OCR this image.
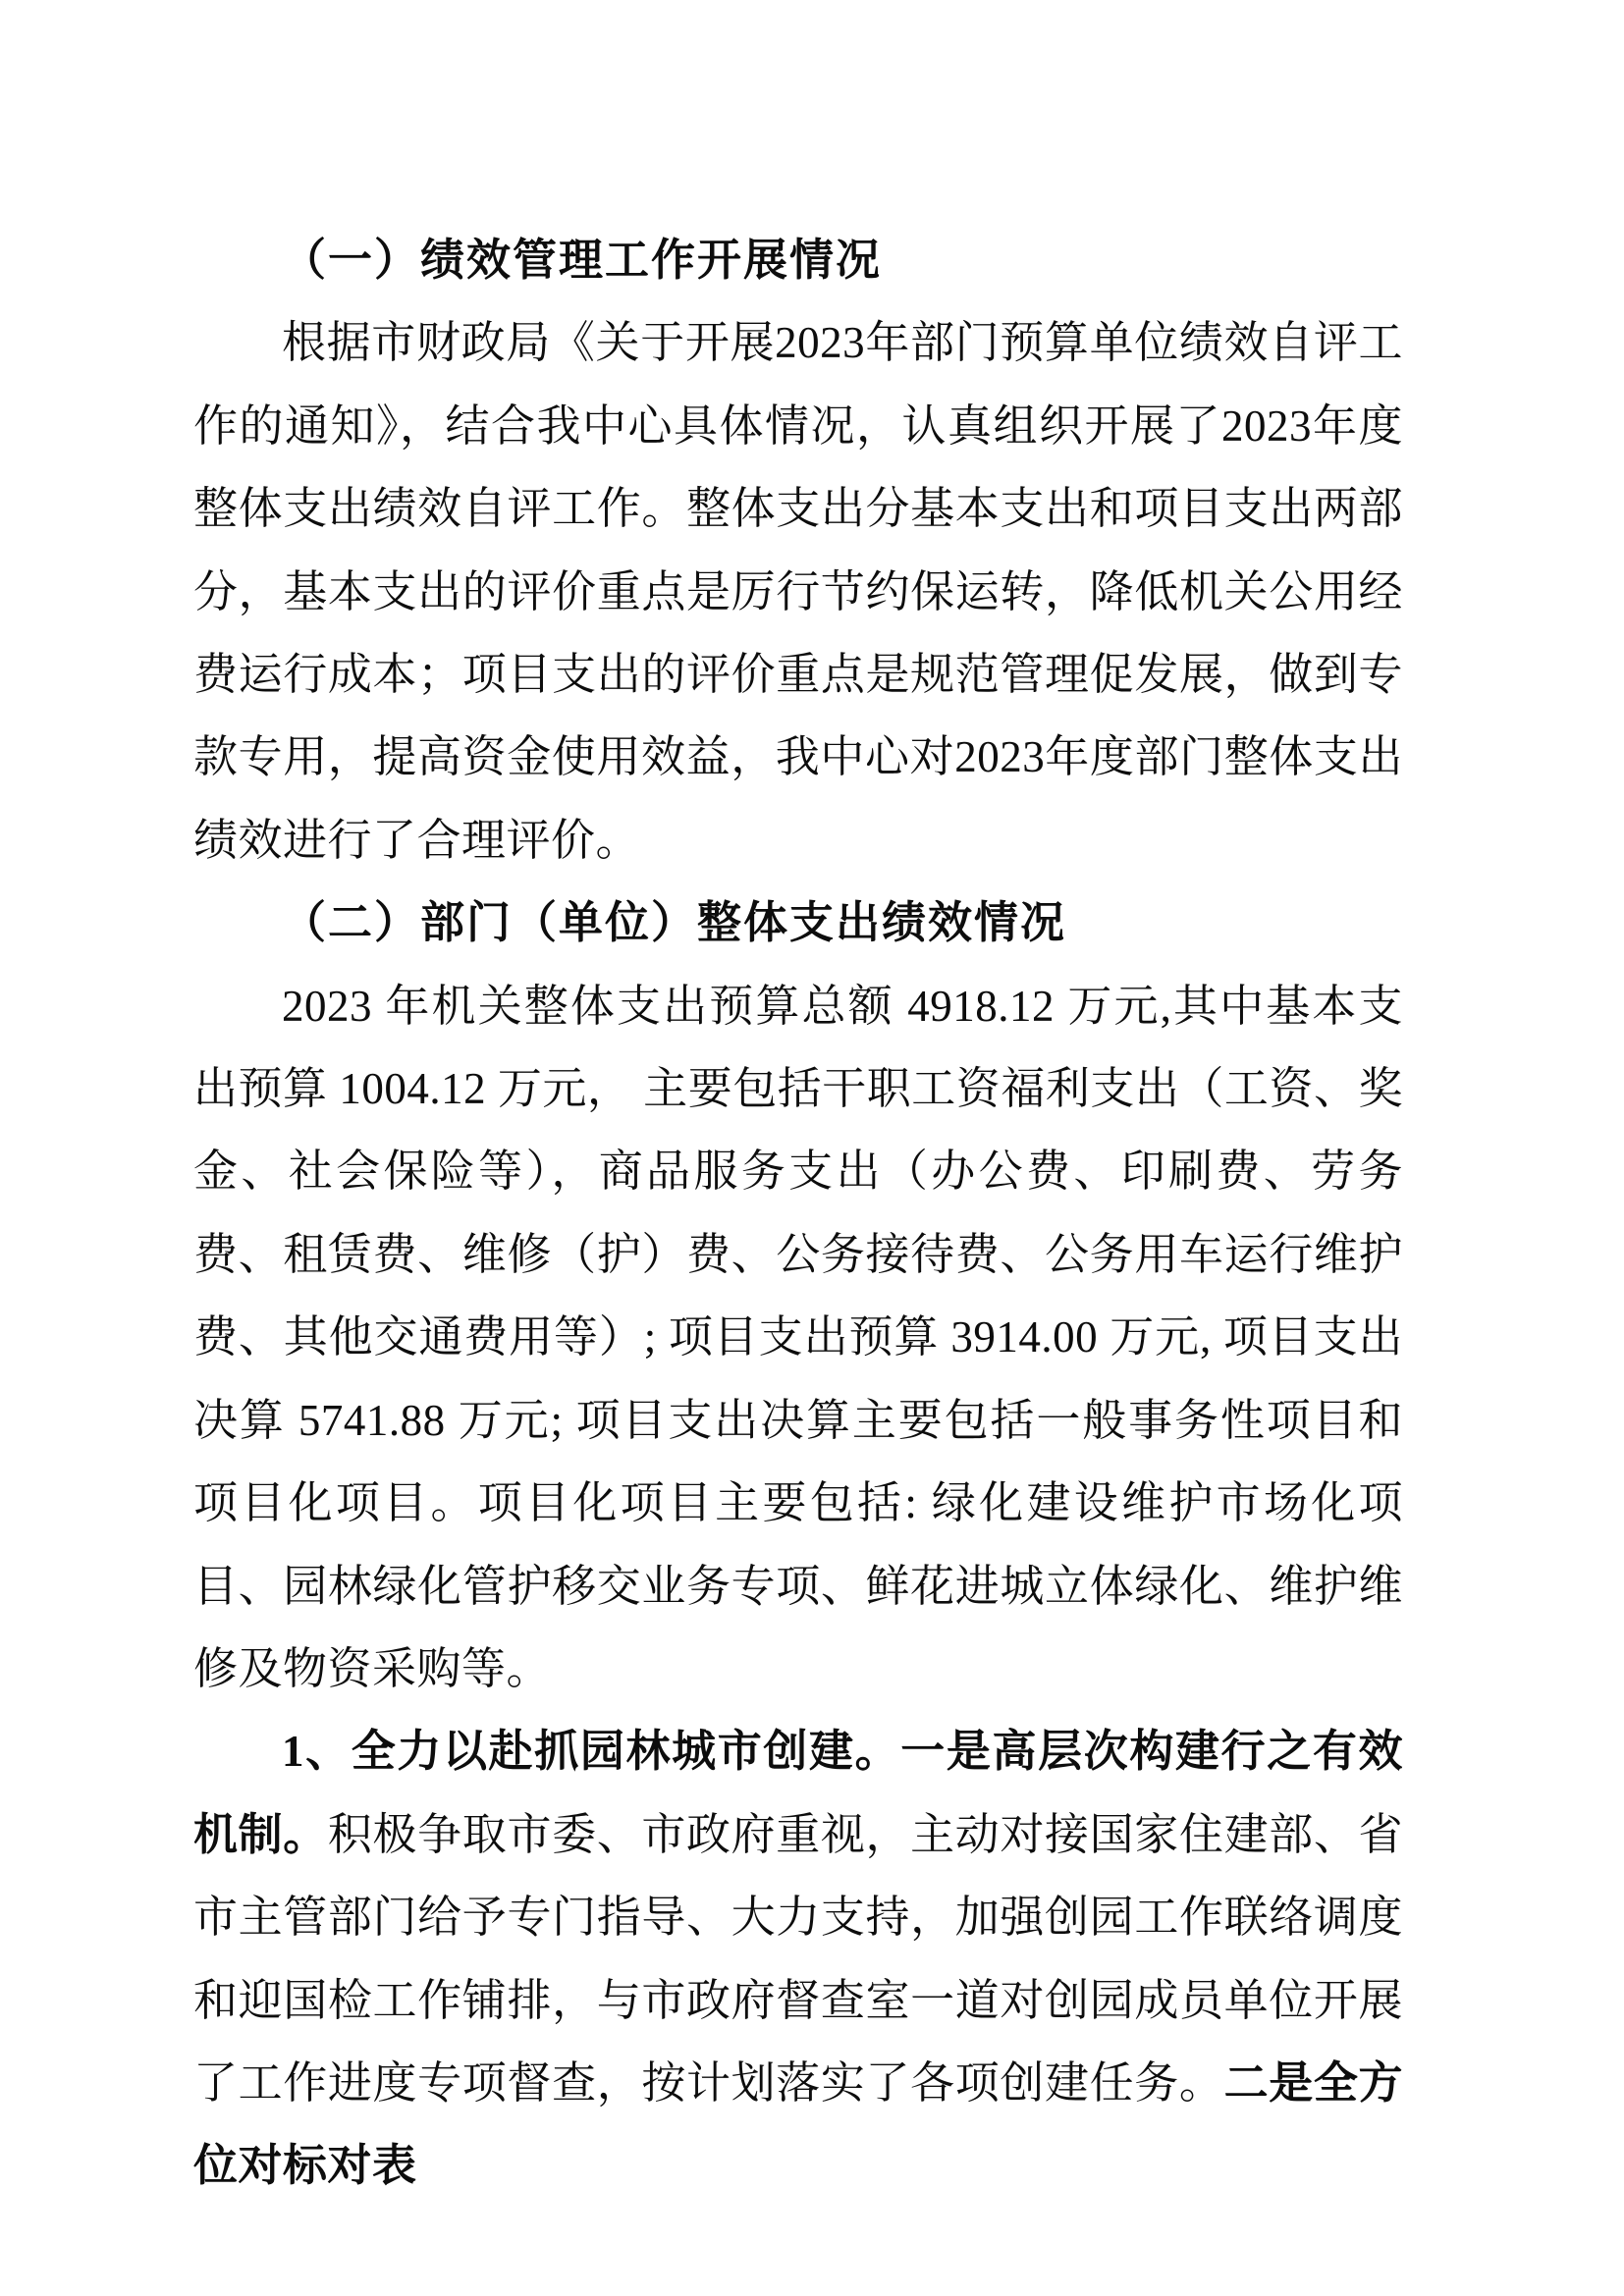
（一）绩效管理工作开展情况

根据市财政局《关于开展2023年部门预算单位绩效自评工作的通知》，结合我中心具体情况，认真组织开展了2023年度整体支出绩效自评工作。整体支出分基本支出和项目支出两部分，基本支出的评价重点是厉行节约保运转，降低机关公用经费运行成本；项目支出的评价重点是规范管理促发展，做到专款专用，提高资金使用效益，我中心对2023年度部门整体支出绩效进行了合理评价。

（二）部门（单位）整体支出绩效情况

2023 年机关整体支出预算总额 4918.12 万元,其中基本支出预算 1004.12 万元， 主要包括干职工资福利支出（工资、奖金、社会保险等），商品服务支出（办公费、印刷费、劳务费、租赁费、维修（护）费、公务接待费、公务用车运行维护费、其他交通费用等）; 项目支出预算 3914.00 万元, 项目支出决算 5741.88 万元; 项目支出决算主要包括一般事务性项目和项目化项目。项目化项目主要包括: 绿化建设维护市场化项目、园林绿化管护移交业务专项、鲜花进城立体绿化、维护维修及物资采购等。

1、全力以赴抓园林城市创建。一是高层次构建行之有效机制。积极争取市委、市政府重视，主动对接国家住建部、省市主管部门给予专门指导、大力支持，加强创园工作联络调度和迎国检工作铺排，与市政府督查室一道对创园成员单位开展了工作进度专项督查，按计划落实了各项创建任务。二是全方位对标对表
